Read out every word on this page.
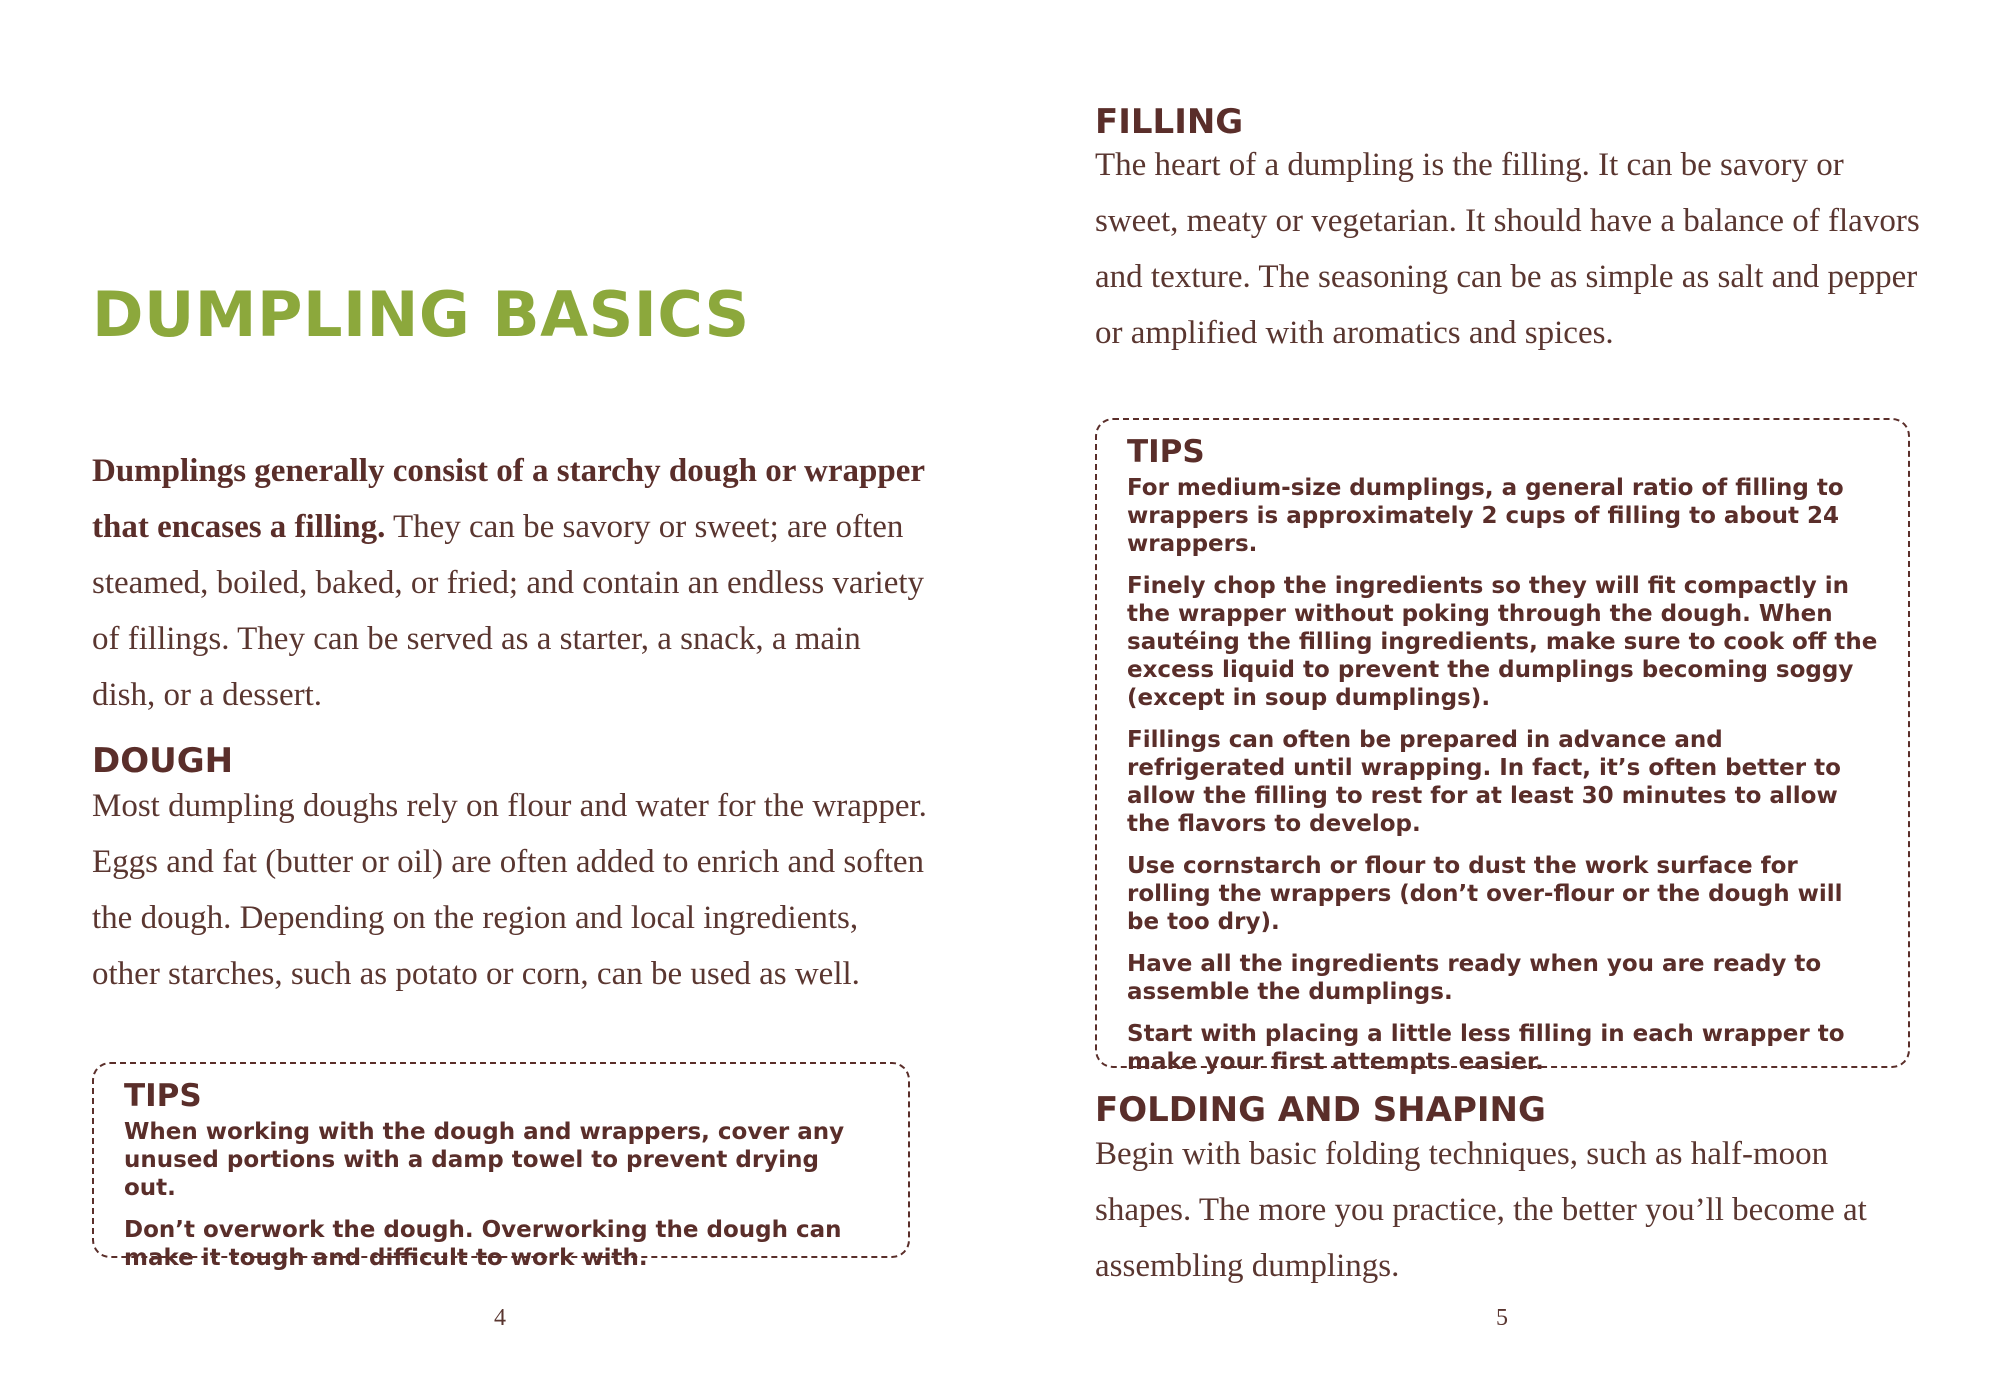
DUMPLING BASICS

Dumplings generally consist of a starchy dough or wrapper that encases a filling. They can be savory or sweet; are often steamed, boiled, baked, or fried; and contain an endless variety of fillings. They can be served as a starter, a snack, a main dish, or a dessert.

DOUGH

Most dumpling doughs rely on flour and water for the wrapper. Eggs and fat (butter or oil) are often added to enrich and soften the dough. Depending on the region and local ingredients, other starches, such as potato or corn, can be used as well.

TIPS
When working with the dough and wrappers, cover any unused portions with a damp towel to prevent drying out.
Don’t overwork the dough. Overworking the dough can make it tough and difficult to work with.
4
FILLING

The heart of a dumpling is the filling. It can be savory or sweet, meaty or vegetarian. It should have a balance of flavors and texture. The seasoning can be as simple as salt and pepper or amplified with aromatics and spices.

TIPS
For medium-size dumplings, a general ratio of filling to wrappers is approximately 2 cups of filling to about 24 wrappers.
Finely chop the ingredients so they will fit compactly in the wrapper without poking through the dough. When sautéing the filling ingredients, make sure to cook off the excess liquid to prevent the dumplings becoming soggy (except in soup dumplings).
Fillings can often be prepared in advance and refrigerated until wrapping. In fact, it’s often better to allow the filling to rest for at least 30 minutes to allow the flavors to develop.
Use cornstarch or flour to dust the work surface for rolling the wrappers (don’t over-flour or the dough will be too dry).
Have all the ingredients ready when you are ready to assemble the dumplings.
Start with placing a little less filling in each wrapper to make your first attempts easier.
FOLDING AND SHAPING

Begin with basic folding techniques, such as half-moon shapes. The more you practice, the better you’ll become at assembling dumplings.

5
